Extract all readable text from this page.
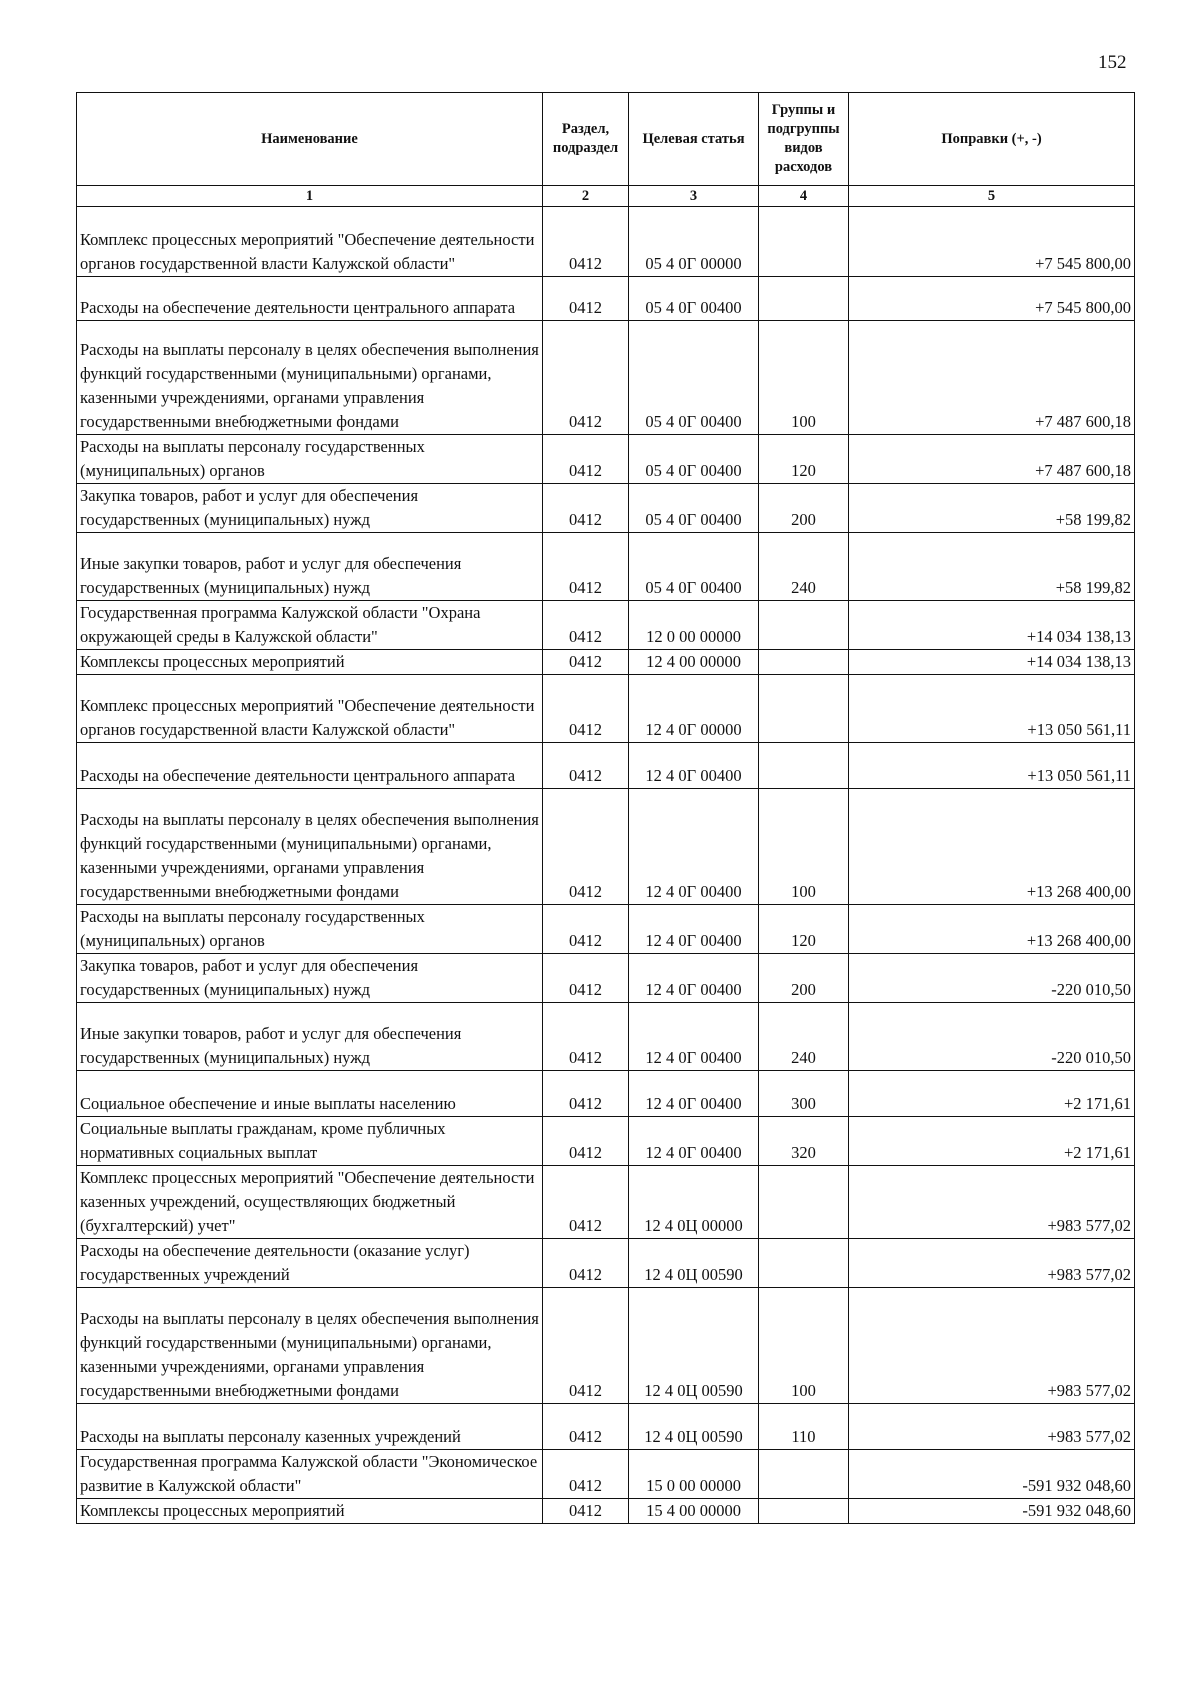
152
Наименование	Раздел, подраздел	Целевая статья	Группы и подгруппы видов расходов	Поправки (+, -)
1	2	3	4	5
Комплекс процессных мероприятий "Обеспечение деятельности органов государственной власти Калужской области"	0412	05 4 0Г 00000		+7 545 800,00
Расходы на обеспечение деятельности центрального аппарата	0412	05 4 0Г 00400		+7 545 800,00
Расходы на выплаты персоналу в целях обеспечения выполнения функций государственными (муниципальными) органами, казенными учреждениями, органами управления государственными внебюджетными фондами	0412	05 4 0Г 00400	100	+7 487 600,18
Расходы на выплаты персоналу государственных (муниципальных) органов	0412	05 4 0Г 00400	120	+7 487 600,18
Закупка товаров, работ и услуг для обеспечения государственных (муниципальных) нужд	0412	05 4 0Г 00400	200	+58 199,82
Иные закупки товаров, работ и услуг для обеспечения государственных (муниципальных) нужд	0412	05 4 0Г 00400	240	+58 199,82
Государственная программа Калужской области "Охрана окружающей среды в Калужской области"	0412	12 0 00 00000		+14 034 138,13
Комплексы процессных мероприятий	0412	12 4 00 00000		+14 034 138,13
Комплекс процессных мероприятий "Обеспечение деятельности органов государственной власти Калужской области"	0412	12 4 0Г 00000		+13 050 561,11
Расходы на обеспечение деятельности центрального аппарата	0412	12 4 0Г 00400		+13 050 561,11
Расходы на выплаты персоналу в целях обеспечения выполнения функций государственными (муниципальными) органами, казенными учреждениями, органами управления государственными внебюджетными фондами	0412	12 4 0Г 00400	100	+13 268 400,00
Расходы на выплаты персоналу государственных (муниципальных) органов	0412	12 4 0Г 00400	120	+13 268 400,00
Закупка товаров, работ и услуг для обеспечения государственных (муниципальных) нужд	0412	12 4 0Г 00400	200	-220 010,50
Иные закупки товаров, работ и услуг для обеспечения государственных (муниципальных) нужд	0412	12 4 0Г 00400	240	-220 010,50
Социальное обеспечение и иные выплаты населению	0412	12 4 0Г 00400	300	+2 171,61
Социальные выплаты гражданам, кроме публичных нормативных социальных выплат	0412	12 4 0Г 00400	320	+2 171,61
Комплекс процессных мероприятий "Обеспечение деятельности казенных учреждений, осуществляющих бюджетный (бухгалтерский) учет"	0412	12 4 0Ц 00000		+983 577,02
Расходы на обеспечение деятельности (оказание услуг) государственных учреждений	0412	12 4 0Ц 00590		+983 577,02
Расходы на выплаты персоналу в целях обеспечения выполнения функций государственными (муниципальными) органами, казенными учреждениями, органами управления государственными внебюджетными фондами	0412	12 4 0Ц 00590	100	+983 577,02
Расходы на выплаты персоналу казенных учреждений	0412	12 4 0Ц 00590	110	+983 577,02
Государственная программа Калужской области "Экономическое развитие в Калужской области"	0412	15 0 00 00000		-591 932 048,60
Комплексы процессных мероприятий	0412	15 4 00 00000		-591 932 048,60
